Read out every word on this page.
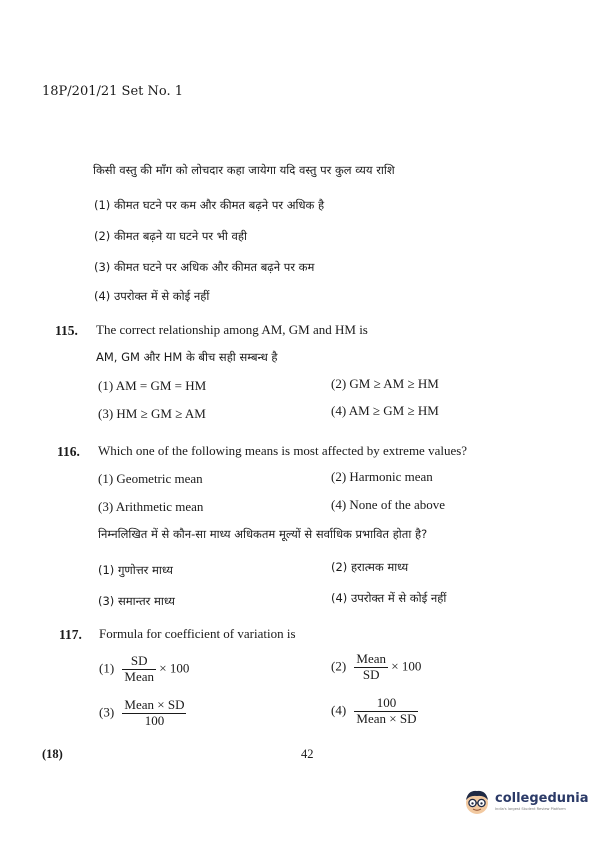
18P/201/21 Set No. 1
किसी वस्तु की माँग को लोचदार कहा जायेगा यदि वस्तु पर कुल व्यय राशि
(1) कीमत घटने पर कम और कीमत बढ़ने पर अधिक है
(2) कीमत बढ़ने या घटने पर भी वही
(3) कीमत घटने पर अधिक और कीमत बढ़ने पर कम
(4) उपरोक्त में से कोई नहीं
115. The correct relationship among AM, GM and HM is
AM, GM और HM के बीच सही सम्बन्ध है
(1) AM = GM = HM	(2) GM ≥ AM ≥ HM
(3) HM ≥ GM ≥ AM	(4) AM ≥ GM ≥ HM
116. Which one of the following means is most affected by extreme values?
(1) Geometric mean	(2) Harmonic mean
(3) Arithmetic mean	(4) None of the above
निम्नलिखित में से कौन-सा माध्य अधिकतम मूल्यों से सर्वाधिक प्रभावित होता है?
(1) गुणोत्तर माध्य	(2) हरात्मक माध्य
(3) समान्तर माध्य	(4) उपरोक्त में से कोई नहीं
117. Formula for coefficient of variation is
$(1) \frac{SD}{\text{Mean}} \times 100$	$(2) \frac{\text{Mean}}{SD} \times 100$
$(3) \frac{\text{Mean × SD}}{100}$	$(4) \frac{100}{\text{Mean × SD}}$
(18)	42
collegedunia
India's largest Student Review Platform
